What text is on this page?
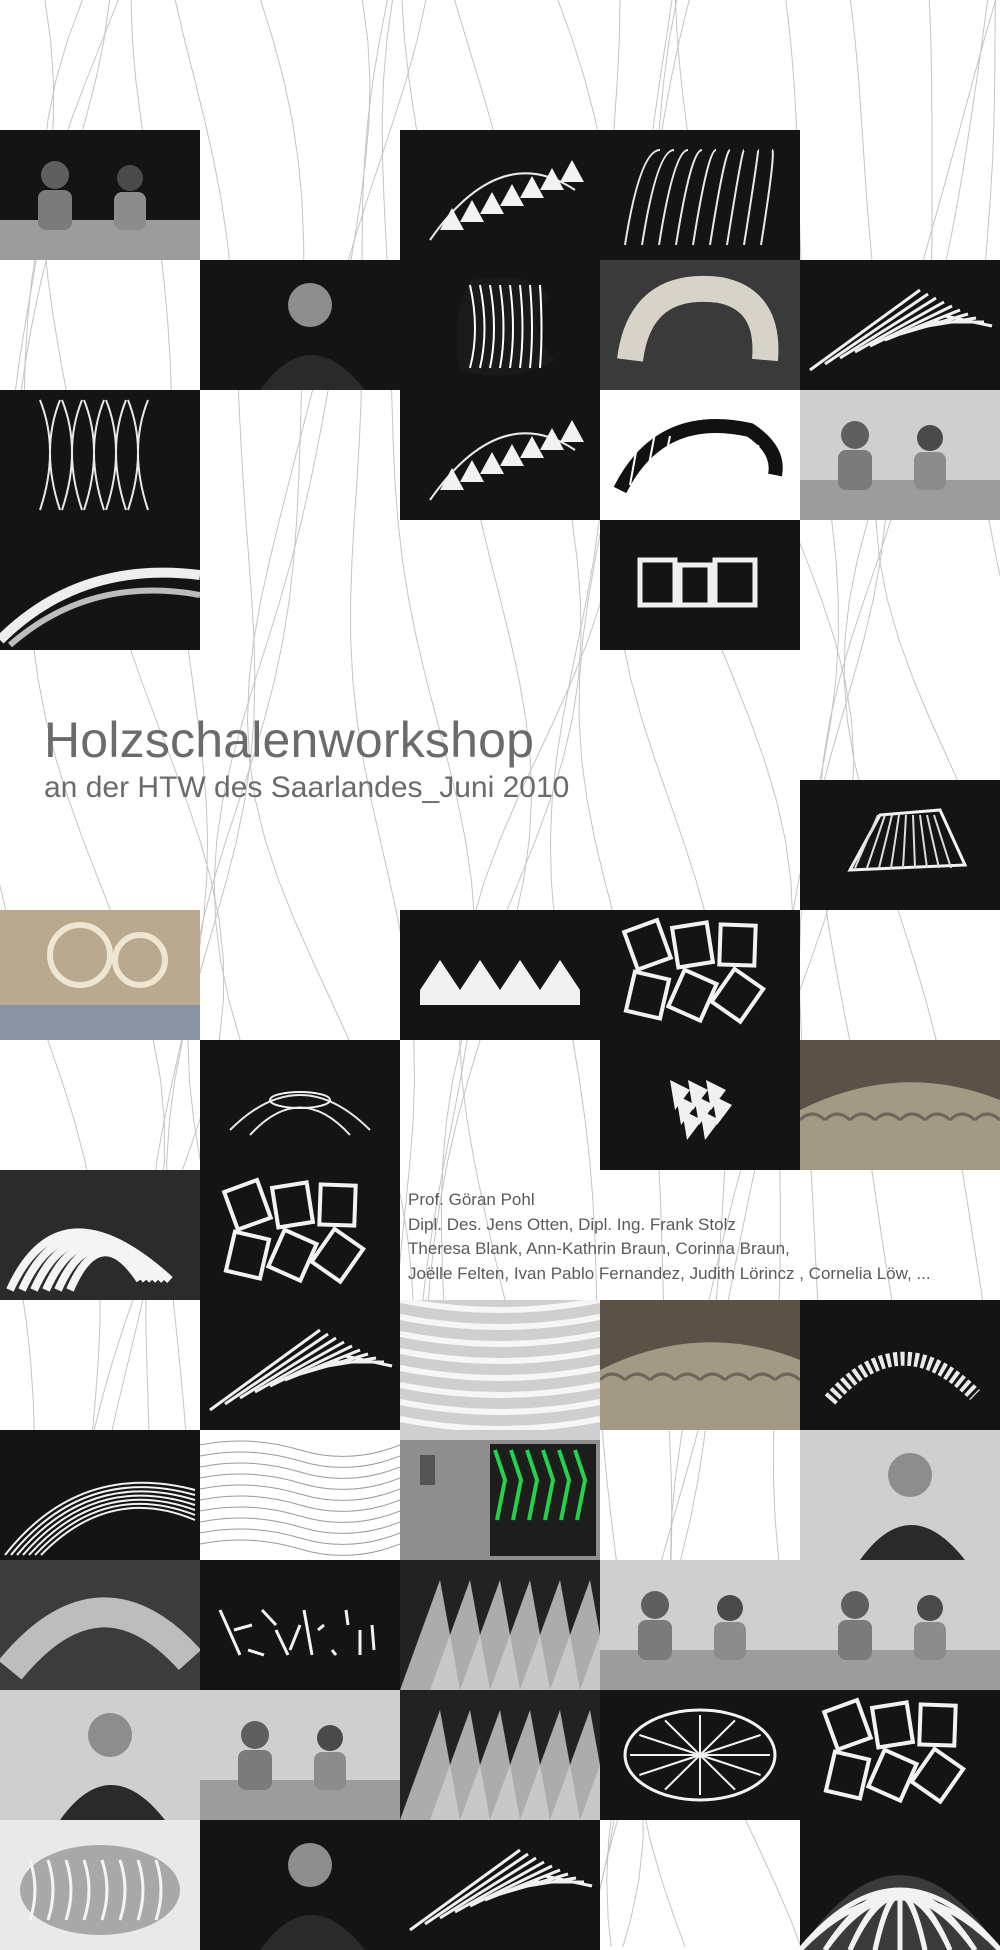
Holzschalenworkshop
an der HTW des Saarlandes_Juni 2010
Prof. Göran Pohl
Dipl. Des. Jens Otten, Dipl. Ing. Frank Stolz
Theresa Blank, Ann-Kathrin Braun, Corinna Braun,
Joëlle Felten, Ivan Pablo Fernandez, Judith Lörincz , Cornelia Löw, ...
